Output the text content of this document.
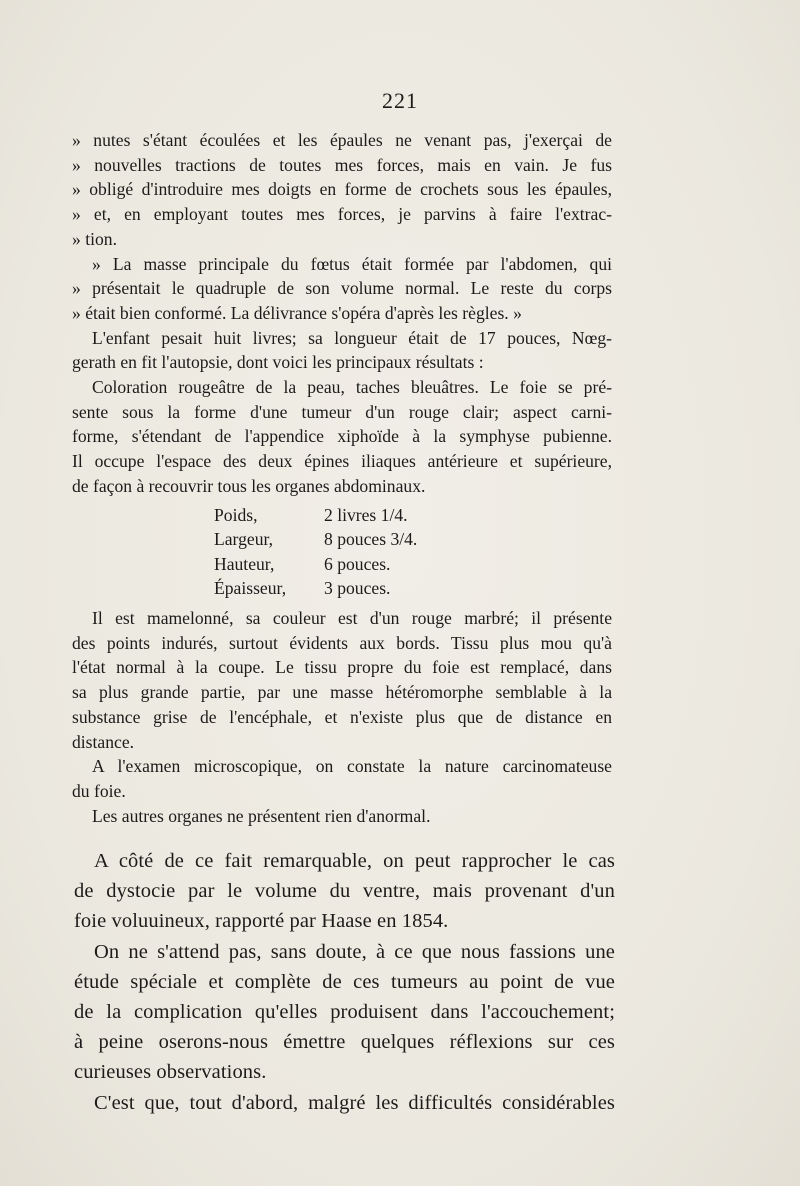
221
» nutes s'étant écoulées et les épaules ne venant pas, j'exerçai de
» nouvelles tractions de toutes mes forces, mais en vain. Je fus
» obligé d'introduire mes doigts en forme de crochets sous les épaules,
» et, en employant toutes mes forces, je parvins à faire l'extrac-
» tion.
» La masse principale du fœtus était formée par l'abdomen, qui
» présentait le quadruple de son volume normal. Le reste du corps
» était bien conformé. La délivrance s'opéra d'après les règles. »
L'enfant pesait huit livres; sa longueur était de 17 pouces, Nœg-
gerath en fit l'autopsie, dont voici les principaux résultats :
Coloration rougeâtre de la peau, taches bleuâtres. Le foie se pré-
sente sous la forme d'une tumeur d'un rouge clair; aspect carni-
forme, s'étendant de l'appendice xiphoïde à la symphyse pubienne.
Il occupe l'espace des deux épines iliaques antérieure et supérieure,
de façon à recouvrir tous les organes abdominaux.
Poids,	2 livres 1/4.
Largeur,	8 pouces 3/4.
Hauteur,	6 pouces.
Épaisseur,	3 pouces.
Il est mamelonné, sa couleur est d'un rouge marbré; il présente
des points indurés, surtout évidents aux bords. Tissu plus mou qu'à
l'état normal à la coupe. Le tissu propre du foie est remplacé, dans
sa plus grande partie, par une masse hétéromorphe semblable à la
substance grise de l'encéphale, et n'existe plus que de distance en
distance.
A l'examen microscopique, on constate la nature carcinomateuse
du foie.
Les autres organes ne présentent rien d'anormal.
A côté de ce fait remarquable, on peut rapprocher le cas
de dystocie par le volume du ventre, mais provenant d'un
foie voluuineux, rapporté par Haase en 1854.
On ne s'attend pas, sans doute, à ce que nous fassions une
étude spéciale et complète de ces tumeurs au point de vue
de la complication qu'elles produisent dans l'accouchement;
à peine oserons-nous émettre quelques réflexions sur ces
curieuses observations.
C'est que, tout d'abord, malgré les difficultés considérables
